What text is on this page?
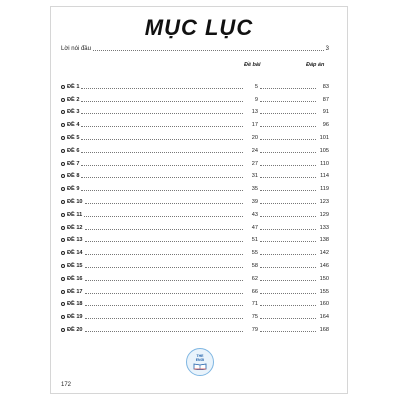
MỤC LỤC
Lời nói đầu	3
Đề bài	Đáp án
ĐỀ 1	5	83
ĐỀ 2	9	87
ĐỀ 3	13	91
ĐỀ 4	17	96
ĐỀ 5	20	101
ĐỀ 6	24	105
ĐỀ 7	27	110
ĐỀ 8	31	114
ĐỀ 9	35	119
ĐỀ 10	39	123
ĐỀ 11	43	129
ĐỀ 12	47	133
ĐỀ 13	51	138
ĐỀ 14	55	142
ĐỀ 15	58	146
ĐỀ 16	62	150
ĐỀ 17	66	155
ĐỀ 18	71	160
ĐỀ 19	75	164
ĐỀ 20	79	168
THE
ENGI
172
